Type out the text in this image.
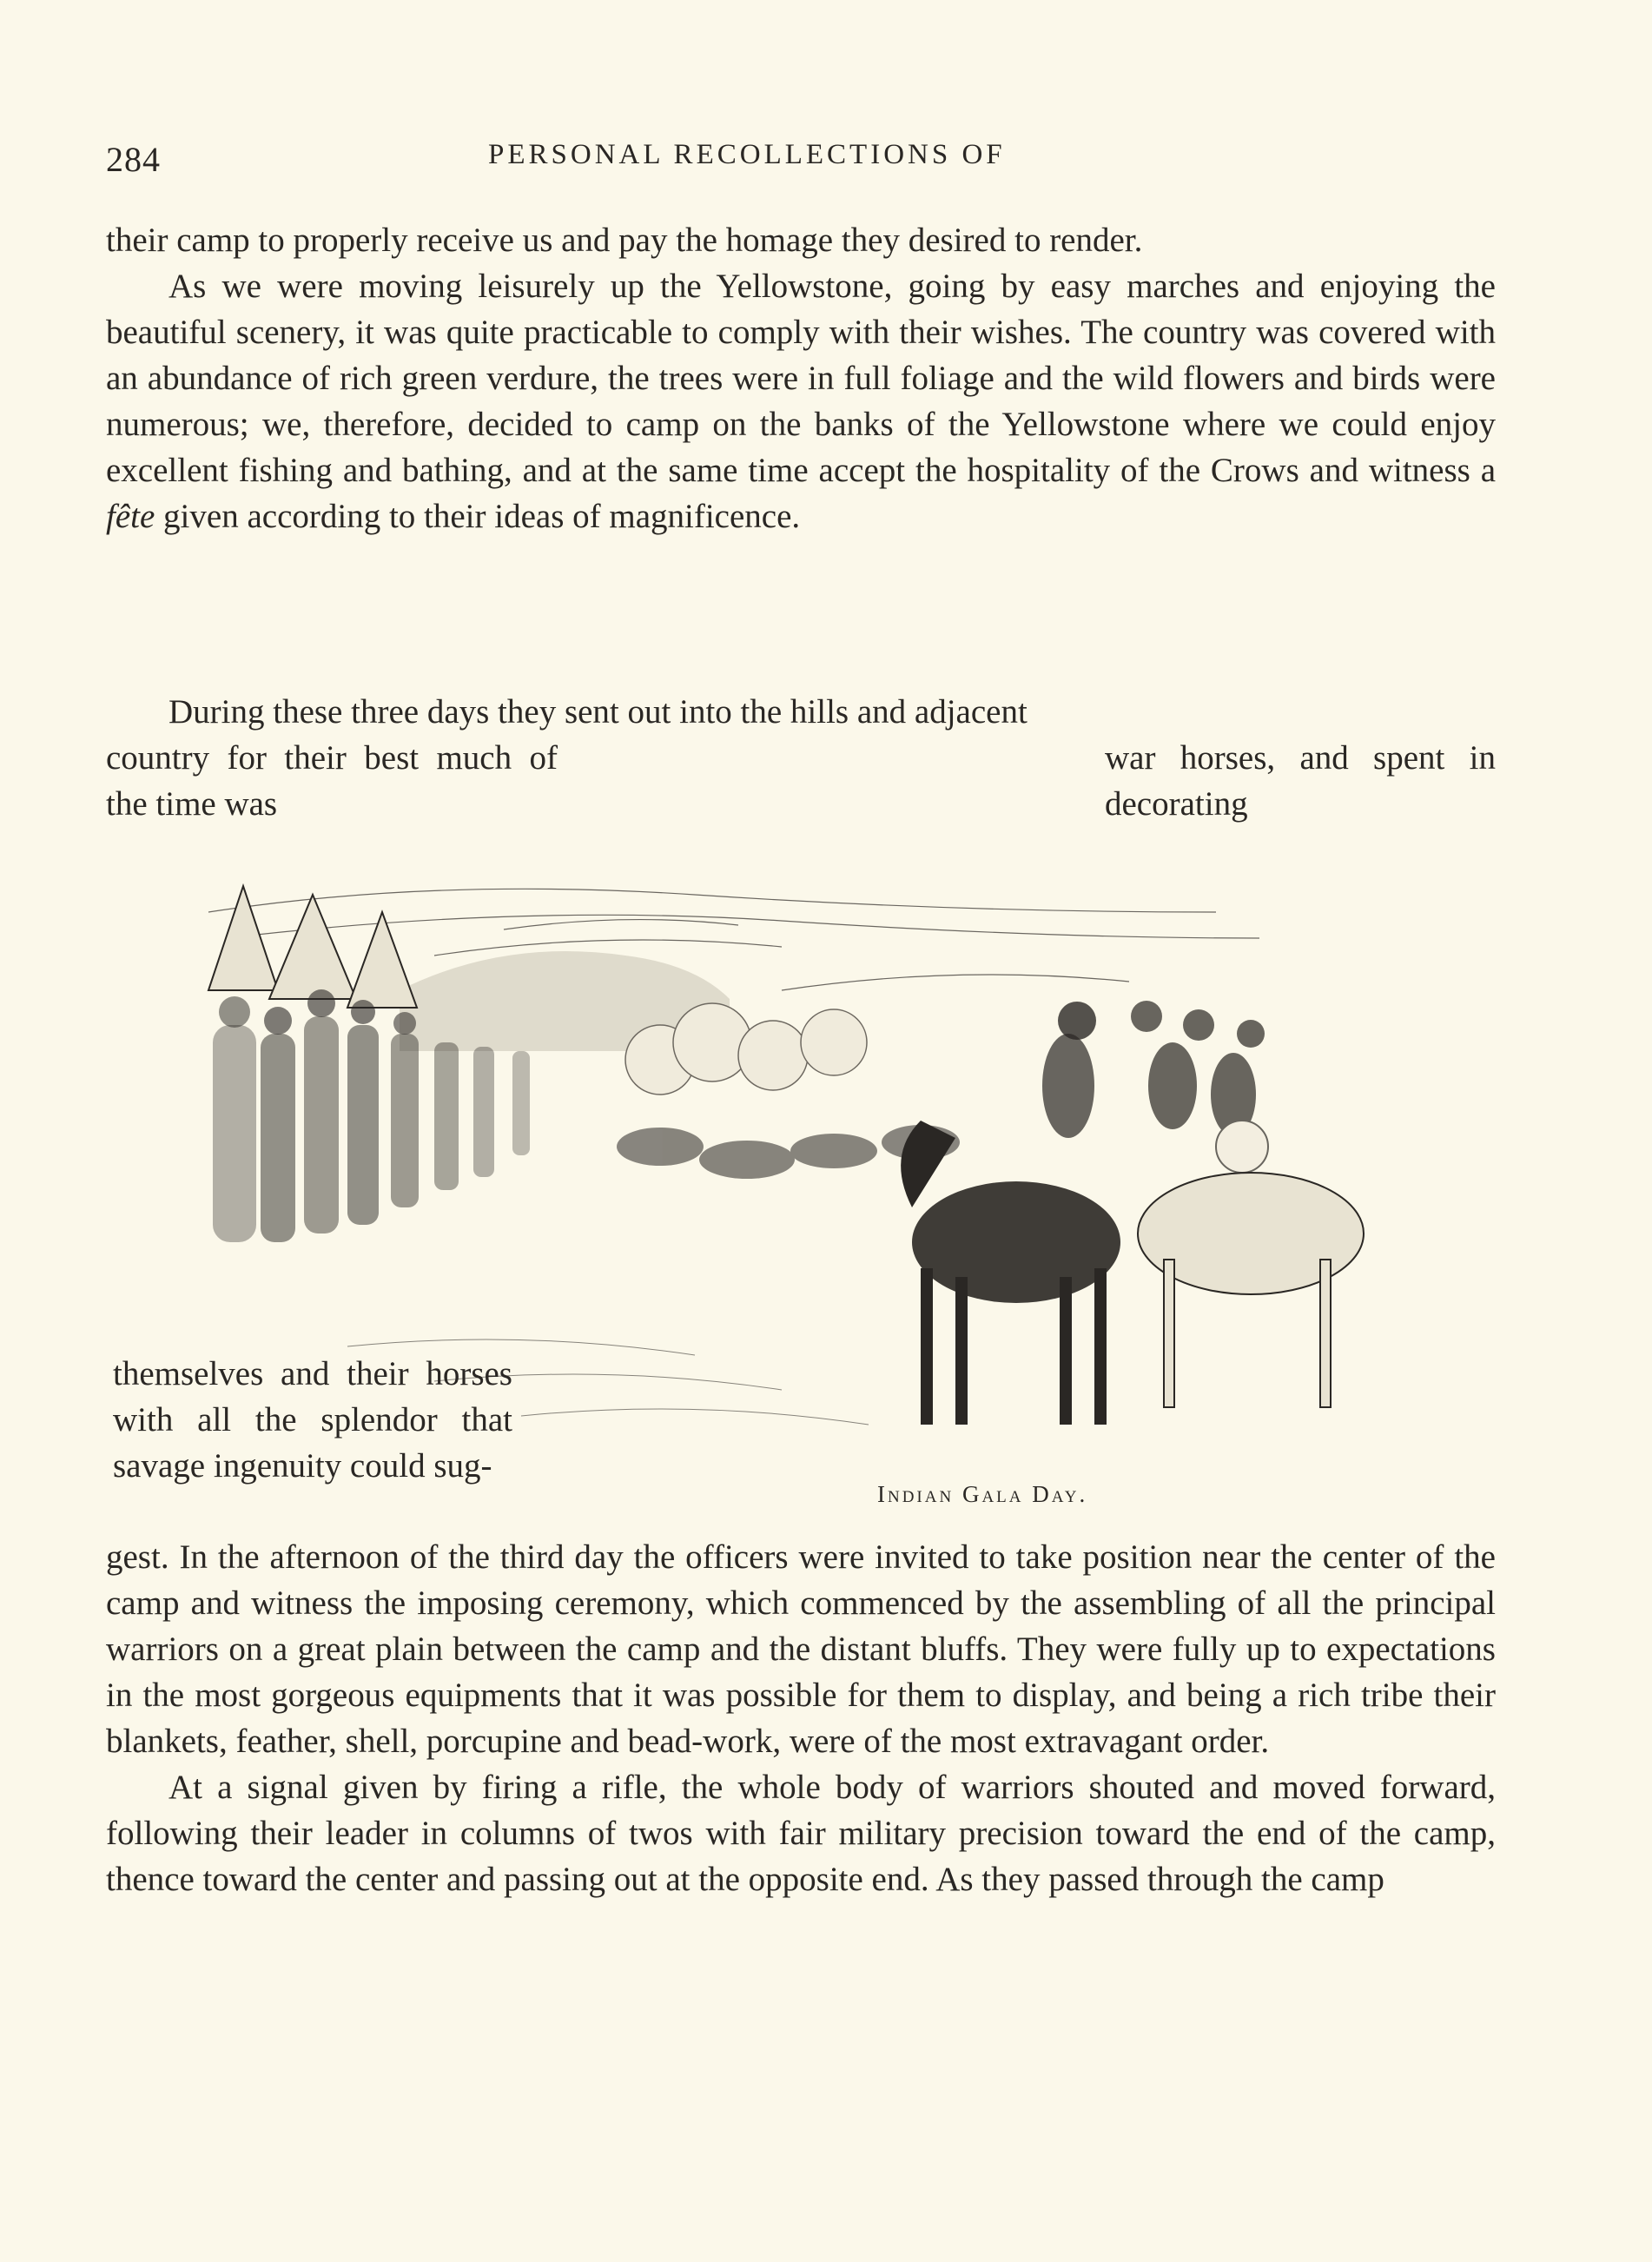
284	PERSONAL RECOLLECTIONS OF

their camp to properly receive us and pay the homage they desired to render.

As we were moving leisurely up the Yellowstone, going by easy marches and enjoying the beautiful scenery, it was quite practicable to comply with their wishes. The country was covered with an abundance of rich green verdure, the trees were in full foliage and the wild flowers and birds were numerous; we, therefore, decided to camp on the banks of the Yellowstone where we could enjoy excellent fishing and bathing, and at the same time accept the hospitality of the Crows and witness a fête given according to their ideas of magnificence.

During these three days they sent out into the hills and adjacent
country for their best much of the time was
war horses, and spent in decorating
themselves and their horses with all the splendor that savage ingenuity could sug-
Indian Gala Day.

gest. In the afternoon of the third day the officers were invited to take position near the center of the camp and witness the imposing ceremony, which commenced by the assembling of all the principal warriors on a great plain between the camp and the distant bluffs. They were fully up to expectations in the most gorgeous equipments that it was possible for them to display, and being a rich tribe their blankets, feather, shell, porcupine and bead-work, were of the most extravagant order.

At a signal given by firing a rifle, the whole body of warriors shouted and moved forward, following their leader in columns of twos with fair military precision toward the end of the camp, thence toward the center and passing out at the opposite end. As they passed through the camp
